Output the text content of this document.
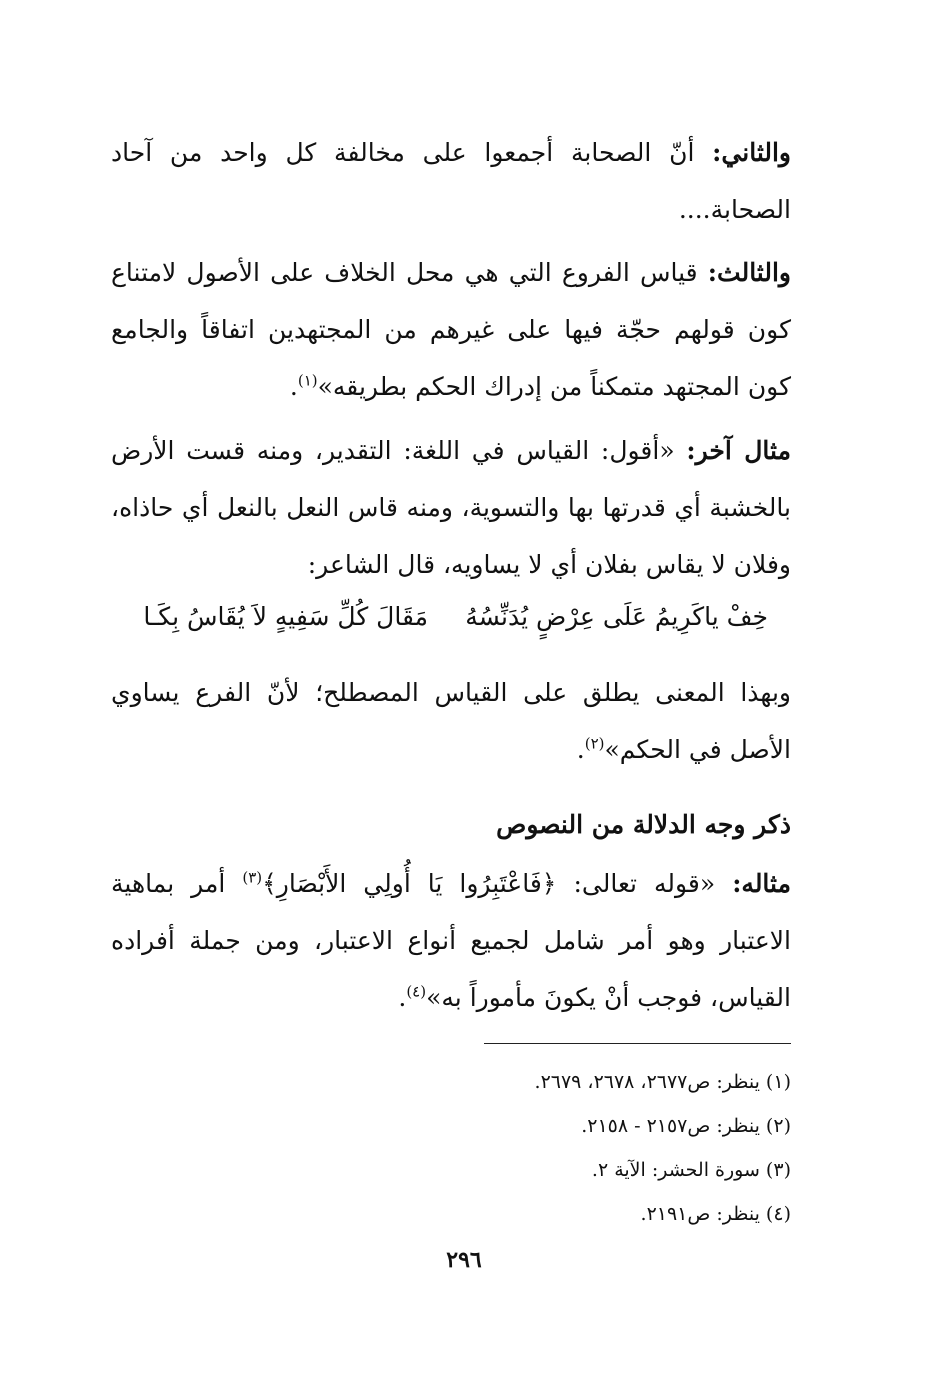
والثاني: أنّ الصحابة أجمعوا على مخالفة كل واحد من آحاد الصحابة....
والثالث: قياس الفروع التي هي محل الخلاف على الأصول لامتناع كون قولهم حجّة فيها على غيرهم من المجتهدين اتفاقاً والجامع كون المجتهد متمكناً من إدراك الحكم بطريقه»$^{(١)}$.
مثال آخر: «أقول: القياس في اللغة: التقدير، ومنه قست الأرض بالخشبة أي قدرتها بها والتسوية، ومنه قاس النعل بالنعل أي حاذاه، وفلان لا يقاس بفلان أي لا يساويه، قال الشاعر:
خِفْ ياكَرِيمُ عَلَى عِرْضٍ يُدَنِّسُهُ
مَقَالَ كُلِّ سَفِيهٍ لاَ يُقَاسُ بِكَـا
وبهذا المعنى يطلق على القياس المصطلح؛ لأنّ الفرع يساوي الأصل في الحكم»$^{(٢)}$.
ذكر وجه الدلالة من النصوص
مثاله: «قوله تعالى: ﴿فَاعْتَبِرُوا يَا أُولِي الأَبْصَارِ﴾$^{(٣)}$ أمر بماهية الاعتبار وهو أمر شامل لجميع أنواع الاعتبار، ومن جملة أفراده القياس، فوجب أنْ يكونَ مأموراً به»$^{(٤)}$.
(١) ينظر: ص٢٦٧٧، ٢٦٧٨، ٢٦٧٩.
(٢) ينظر: ص٢١٥٧ - ٢١٥٨.
(٣) سورة الحشر: الآية ٢.
(٤) ينظر: ص٢١٩١.
٢٩٦
